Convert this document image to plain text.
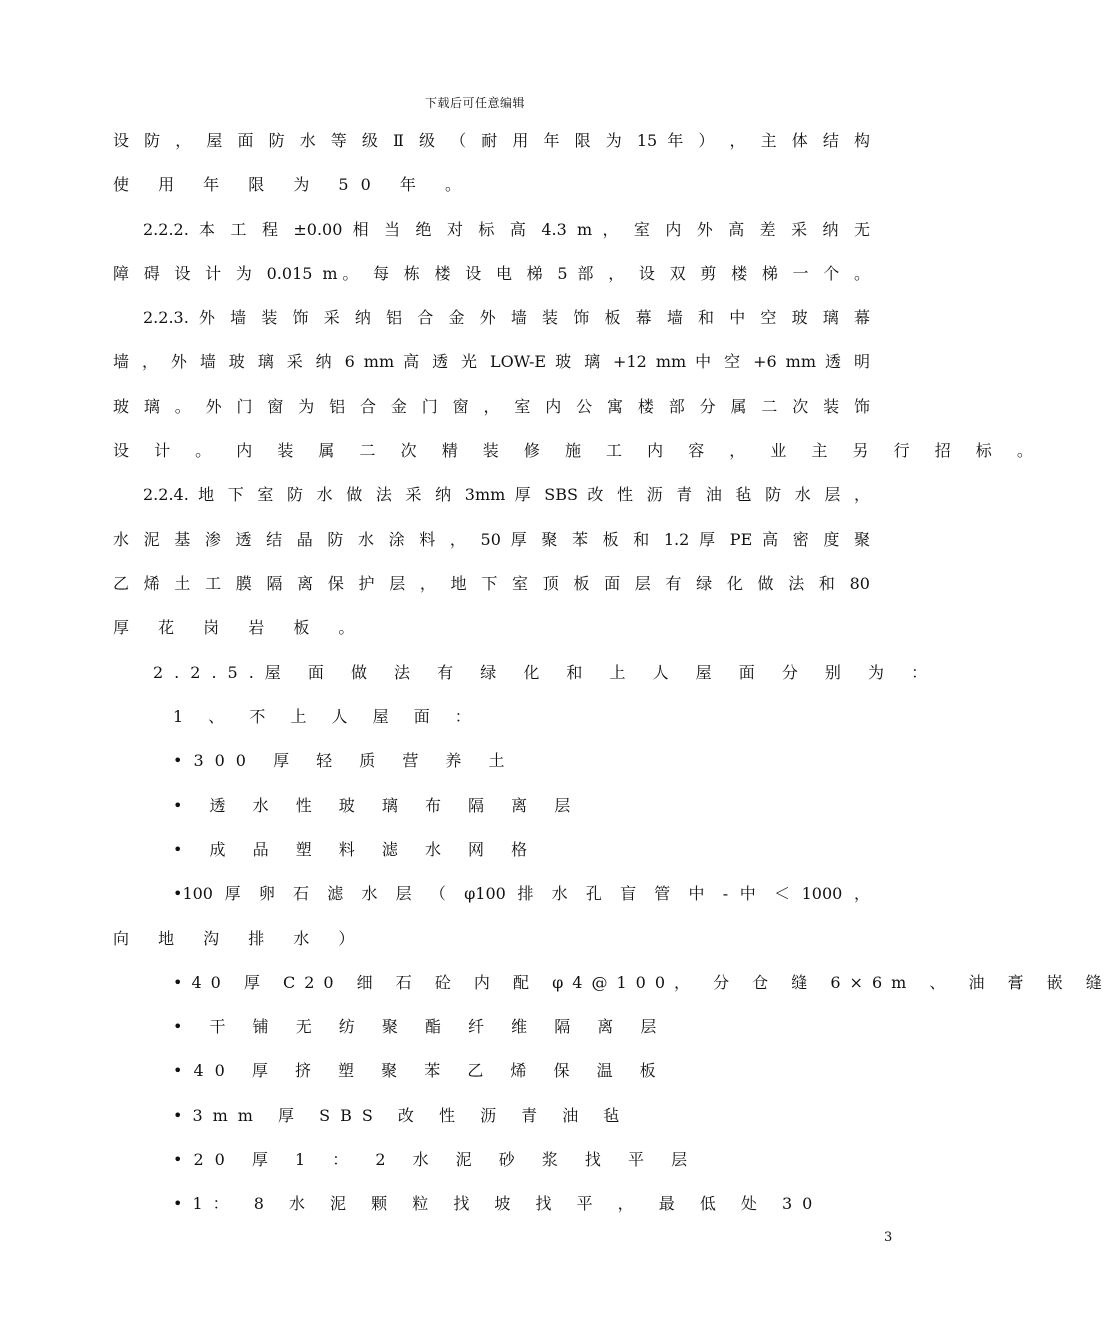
下载后可任意编辑
设 防 ， 屋 面 防 水 等 级 Ⅱ 级 （ 耐 用 年 限 为 15 年 ） ， 主 体 结 构
使 用 年 限 为 50 年 。
2.2.2. 本 工 程 ±0.00 相 当 绝 对 标 高 4.3 m ， 室 内 外 高 差 采 纳 无
障 碍 设 计 为 0.015 m。 每 栋 楼 设 电 梯 5 部 ， 设 双 剪 楼 梯 一 个 。
2.2.3. 外 墙 装 饰 采 纳 铝 合 金 外 墙 装 饰 板 幕 墙 和 中 空 玻 璃 幕
墙 ， 外 墙 玻 璃 采 纳 6 mm 高 透 光 LOW-E 玻 璃 +12 mm 中 空 +6 mm 透 明
玻 璃 。 外 门 窗 为 铝 合 金 门 窗 ， 室 内 公 寓 楼 部 分 属 二 次 装 饰
设 计 。 内 装 属 二 次 精 装 修 施 工 内 容 ， 业 主 另 行 招 标 。
2.2.4. 地 下 室 防 水 做 法 采 纳 3mm 厚 SBS 改 性 沥 青 油 毡 防 水 层 ，
水 泥 基 渗 透 结 晶 防 水 涂 料 ， 50 厚 聚 苯 板 和 1.2 厚 PE 高 密 度 聚
乙 烯 土 工 膜 隔 离 保 护 层 ， 地 下 室 顶 板 面 层 有 绿 化 做 法 和 80
厚 花 岗 岩 板 。
2.2.5.屋 面 做 法 有 绿 化 和 上 人 屋 面 分 别 为 ：
1 、 不 上 人 屋 面 ：
•300 厚 轻 质 营 养 土
• 透 水 性 玻 璃 布 隔 离 层
• 成 品 塑 料 滤 水 网 格
•100 厚 卵 石 滤 水 层 （ φ100 排 水 孔 盲 管 中 - 中 ＜ 1000 ，
向 地 沟 排 水 ）
•40 厚 C20 细 石 砼 内 配 φ4@100， 分 仓 缝 6×6m 、 油 膏 嵌 缝
• 干 铺 无 纺 聚 酯 纤 维 隔 离 层
•40 厚 挤 塑 聚 苯 乙 烯 保 温 板
•3mm 厚 SBS 改 性 沥 青 油 毡
•20 厚 1 ： 2 水 泥 砂 浆 找 平 层
•1： 8 水 泥 颗 粒 找 坡 找 平 ， 最 低 处 30
3
